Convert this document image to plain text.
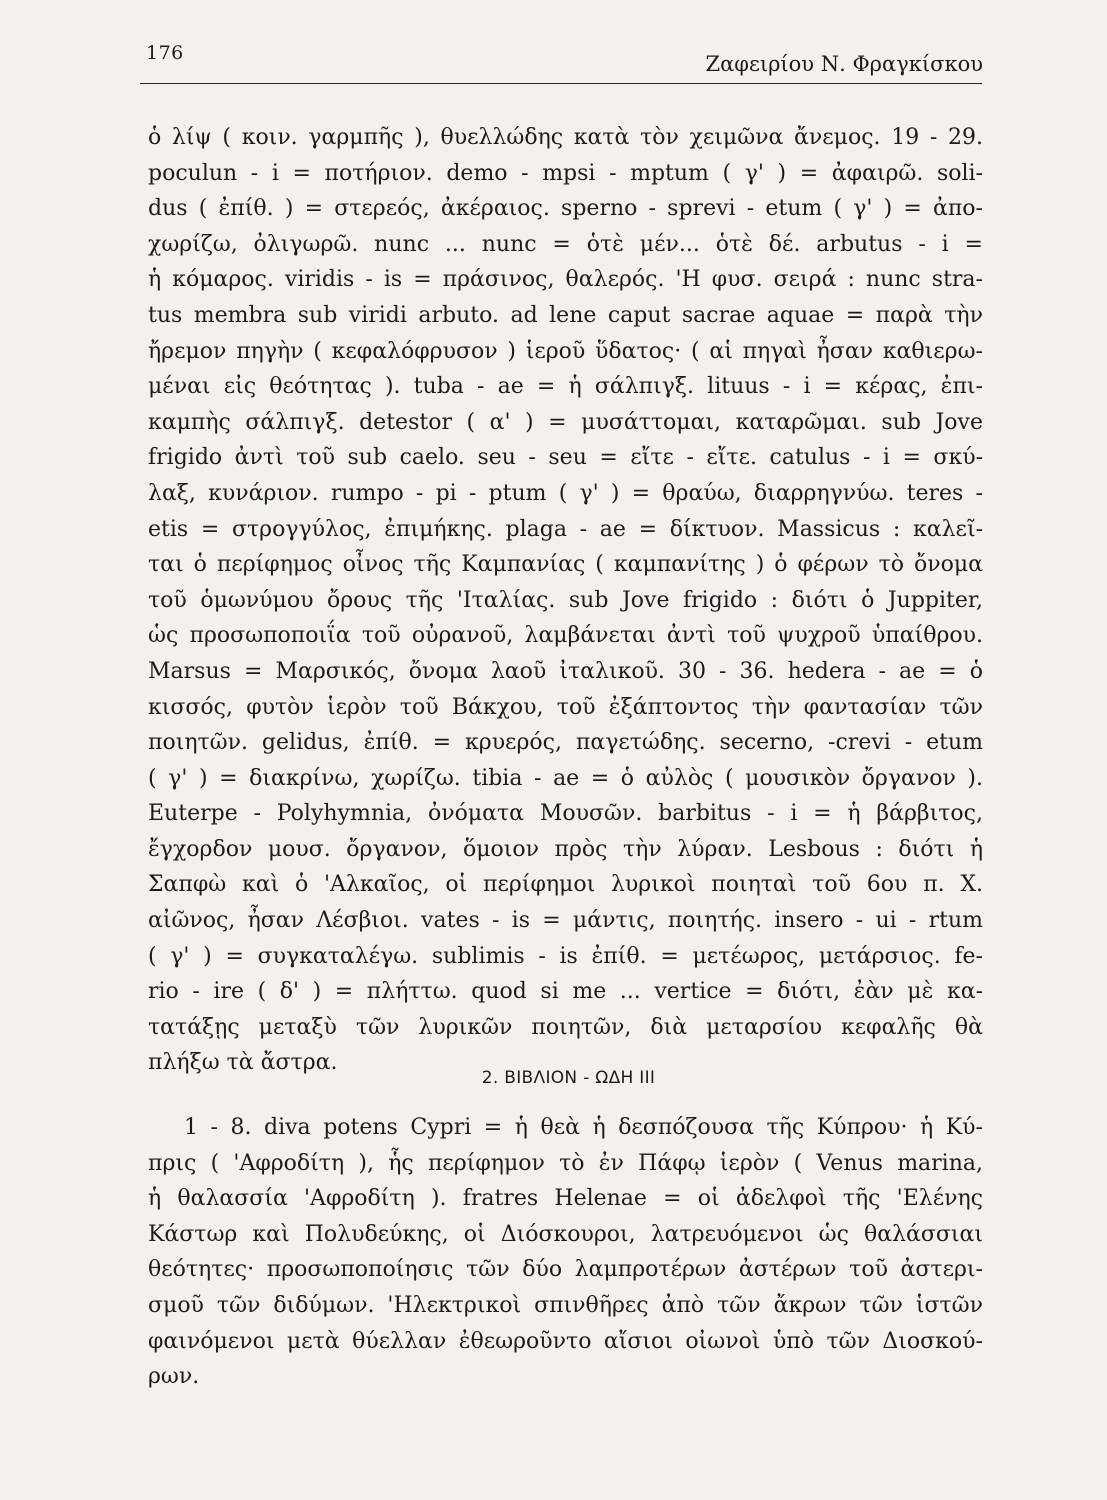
176	Ζαφειρίου Ν. Φραγκίσκου
ὁ λίψ ( κοιν. γαρμπῆς ), θυελλώδης κατὰ τὸν χειμῶνα ἄνεμος. 19 - 29.
poculun - i = ποτήριον. demo - mpsi - mptum ( γ' ) = ἀφαιρῶ. soli-
dus ( ἐπίθ. ) = στερεός, ἀκέραιος. sperno - sprevi - etum ( γ' ) = ἀπο-
χωρίζω, ὀλιγωρῶ. nunc ... nunc = ὁτὲ μέν... ὁτὲ δέ. arbutus - i =
ἡ κόμαρος. viridis - is = πράσινος, θαλερός. 'Η φυσ. σειρά : nunc stra-
tus membra sub viridi arbuto. ad lene caput sacrae aquae = παρὰ τὴν
ἤρεμον πηγὴν ( κεφαλόφρυσον ) ἱεροῦ ὕδατος· ( αἱ πηγαὶ ἦσαν καθιερω-
μέναι εἰς θεότητας ). tuba - ae = ἡ σάλπιγξ. lituus - i = κέρας, ἐπι-
καμπὴς σάλπιγξ. detestor ( α' ) = μυσάττομαι, καταρῶμαι. sub Jove
frigido ἀντὶ τοῦ sub caelo. seu - seu = εἴτε - εἴτε. catulus - i = σκύ-
λαξ, κυνάριον. rumpo - pi - ptum ( γ' ) = θραύω, διαρρηγνύω. teres -
etis = στρογγύλος, ἐπιμήκης. plaga - ae = δίκτυον. Massicus : καλεῖ-
ται ὁ περίφημος οἶνος τῆς Καμπανίας ( καμπανίτης ) ὁ φέρων τὸ ὄνομα
τοῦ ὁμωνύμου ὄρους τῆς 'Ιταλίας. sub Jove frigido : διότι ὁ Juppiter,
ὡς προσωποποιΐα τοῦ οὐρανοῦ, λαμβάνεται ἀντὶ τοῦ ψυχροῦ ὑπαίθρου.
Marsus = Μαρσικός, ὄνομα λαοῦ ἰταλικοῦ. 30 - 36. hedera - ae = ὁ
κισσός, φυτὸν ἱερὸν τοῦ Βάκχου, τοῦ ἐξάπτοντος τὴν φαντασίαν τῶν
ποιητῶν. gelidus, ἐπίθ. = κρυερός, παγετώδης. secerno, -crevi - etum
( γ' ) = διακρίνω, χωρίζω. tibia - ae = ὁ αὐλὸς ( μουσικὸν ὄργανον ).
Euterpe - Polyhymnia, ὀνόματα Μουσῶν. barbitus - i = ἡ βάρβιτος,
ἔγχορδον μουσ. ὄργανον, ὅμοιον πρὸς τὴν λύραν. Lesbous : διότι ἡ
Σαπφὼ καὶ ὁ 'Αλκαῖος, οἱ περίφημοι λυρικοὶ ποιηταὶ τοῦ 6ου π. Χ.
αἰῶνος, ἦσαν Λέσβιοι. vates - is = μάντις, ποιητής. insero - ui - rtum
( γ' ) = συγκαταλέγω. sublimis - is ἐπίθ. = μετέωρος, μετάρσιος. fe-
rio - ire ( δ' ) = πλήττω. quod si me ... vertice = διότι, ἐὰν μὲ κα-
τατάξῃς μεταξὺ τῶν λυρικῶν ποιητῶν, διὰ μεταρσίου κεφαλῆς θὰ
πλήξω τὰ ἄστρα.
2. ΒΙΒΛΙΟΝ - ΩΔΗ III
1 - 8. diva potens Cypri = ἡ θεὰ ἡ δεσπόζουσα τῆς Κύπρου· ἡ Κύ-
πρις ( 'Αφροδίτη ), ἧς περίφημον τὸ ἐν Πάφῳ ἱερὸν ( Venus marina,
ἡ θαλασσία 'Αφροδίτη ). fratres Helenae = οἱ ἀδελφοὶ τῆς 'Ελένης
Κάστωρ καὶ Πολυδεύκης, οἱ Διόσκουροι, λατρευόμενοι ὡς θαλάσσιαι
θεότητες· προσωποποίησις τῶν δύο λαμπροτέρων ἀστέρων τοῦ ἀστερι-
σμοῦ τῶν διδύμων. 'Ηλεκτρικοὶ σπινθῆρες ἀπὸ τῶν ἄκρων τῶν ἱστῶν
φαινόμενοι μετὰ θύελλαν ἐθεωροῦντο αἴσιοι οἰωνοὶ ὑπὸ τῶν Διοσκού-
ρων.
